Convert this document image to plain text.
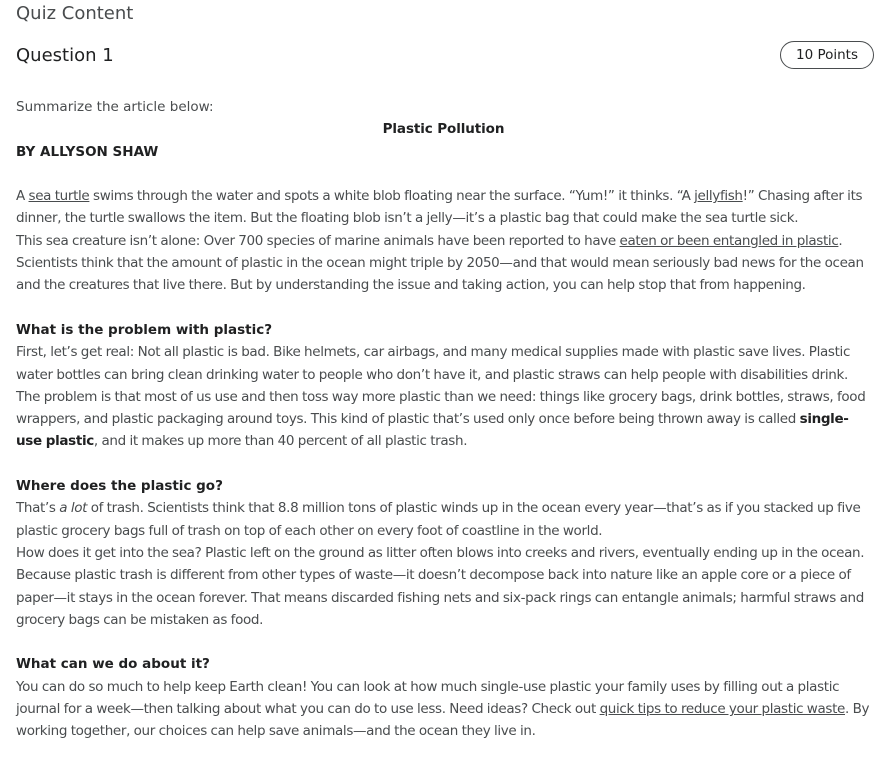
Quiz Content
Question 1	10 Points

Summarize the article below:

Plastic Pollution

BY ALLYSON SHAW

A sea turtle swims through the water and spots a white blob floating near the surface. “Yum!” it thinks. “A jellyfish!” Chasing after its dinner, the turtle swallows the item. But the floating blob isn’t a jelly—it’s a plastic bag that could make the sea turtle sick.

This sea creature isn’t alone: Over 700 species of marine animals have been reported to have eaten or been entangled in plastic. Scientists think that the amount of plastic in the ocean might triple by 2050—and that would mean seriously bad news for the ocean and the creatures that live there. But by understanding the issue and taking action, you can help stop that from happening.

What is the problem with plastic?

First, let’s get real: Not all plastic is bad. Bike helmets, car airbags, and many medical supplies made with plastic save lives. Plastic water bottles can bring clean drinking water to people who don’t have it, and plastic straws can help people with disabilities drink. The problem is that most of us use and then toss way more plastic than we need: things like grocery bags, drink bottles, straws, food wrappers, and plastic packaging around toys. This kind of plastic that’s used only once before being thrown away is called single-use plastic, and it makes up more than 40 percent of all plastic trash.

Where does the plastic go?

That’s a lot of trash. Scientists think that 8.8 million tons of plastic winds up in the ocean every year—that’s as if you stacked up five plastic grocery bags full of trash on top of each other on every foot of coastline in the world.

How does it get into the sea? Plastic left on the ground as litter often blows into creeks and rivers, eventually ending up in the ocean. Because plastic trash is different from other types of waste—it doesn’t decompose back into nature like an apple core or a piece of paper—it stays in the ocean forever. That means discarded fishing nets and six-pack rings can entangle animals; harmful straws and grocery bags can be mistaken as food.

What can we do about it?

You can do so much to help keep Earth clean! You can look at how much single-use plastic your family uses by filling out a plastic journal for a week—then talking about what you can do to use less. Need ideas? Check out quick tips to reduce your plastic waste. By working together, our choices can help save animals—and the ocean they live in.
